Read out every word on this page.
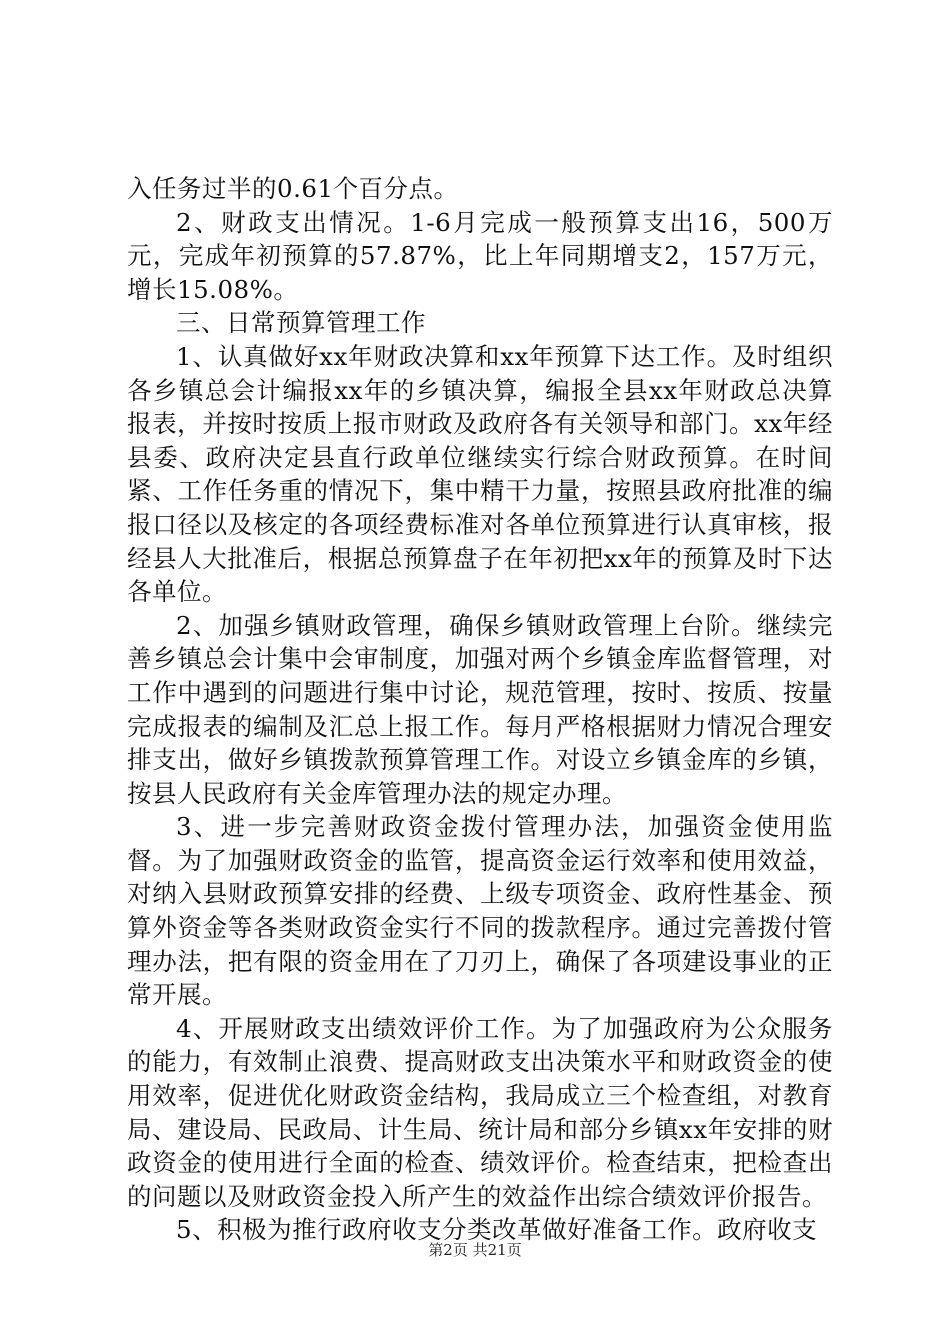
入任务过半的0.61个百分点。

2、财政支出情况。1-6月完成一般预算支出16，500万元，完成年初预算的57.87%，比上年同期增支2，157万元，增长15.08%。

三、日常预算管理工作

1、认真做好xx年财政决算和xx年预算下达工作。及时组织各乡镇总会计编报xx年的乡镇决算，编报全县xx年财政总决算报表，并按时按质上报市财政及政府各有关领导和部门。xx年经县委、政府决定县直行政单位继续实行综合财政预算。在时间紧、工作任务重的情况下，集中精干力量，按照县政府批准的编报口径以及核定的各项经费标准对各单位预算进行认真审核，报经县人大批准后，根据总预算盘子在年初把xx年的预算及时下达各单位。

2、加强乡镇财政管理，确保乡镇财政管理上台阶。继续完善乡镇总会计集中会审制度，加强对两个乡镇金库监督管理，对工作中遇到的问题进行集中讨论，规范管理，按时、按质、按量完成报表的编制及汇总上报工作。每月严格根据财力情况合理安排支出，做好乡镇拨款预算管理工作。对设立乡镇金库的乡镇，按县人民政府有关金库管理办法的规定办理。

3、进一步完善财政资金拨付管理办法，加强资金使用监督。为了加强财政资金的监管，提高资金运行效率和使用效益，对纳入县财政预算安排的经费、上级专项资金、政府性基金、预算外资金等各类财政资金实行不同的拨款程序。通过完善拨付管理办法，把有限的资金用在了刀刃上，确保了各项建设事业的正常开展。

4、开展财政支出绩效评价工作。为了加强政府为公众服务的能力，有效制止浪费、提高财政支出决策水平和财政资金的使用效率，促进优化财政资金结构，我局成立三个检查组，对教育局、建设局、民政局、计生局、统计局和部分乡镇xx年安排的财政资金的使用进行全面的检查、绩效评价。检查结束，把检查出的问题以及财政资金投入所产生的效益作出综合绩效评价报告。

5、积极为推行政府收支分类改革做好准备工作。政府收支

第2页 共21页
